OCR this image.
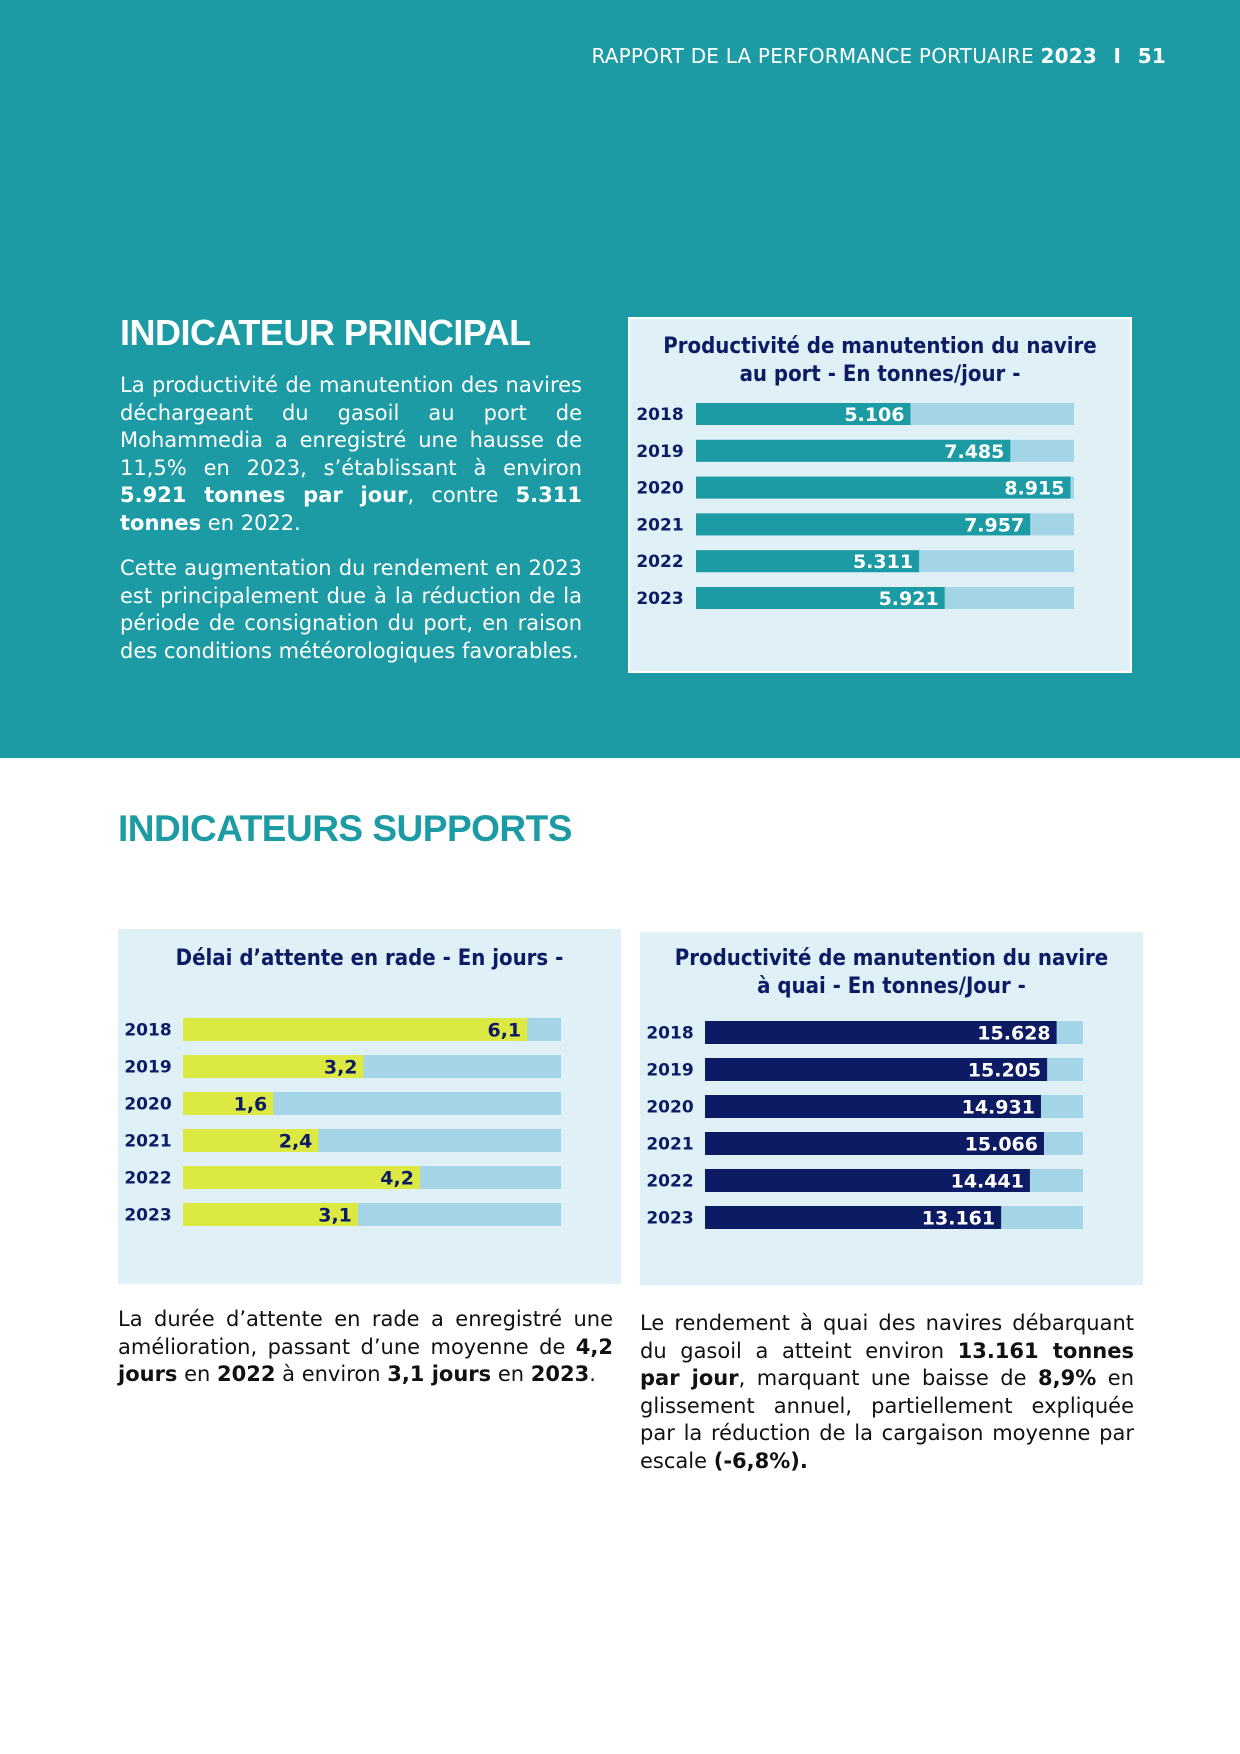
RAPPORT DE LA PERFORMANCE PORTUAIRE 2023 I 51
INDICATEUR PRINCIPAL

La productivité de manutention des navires déchargeant du gasoil au port de Mohammedia a enregistré une hausse de 11,5% en 2023, s’établissant à environ 5.921 tonnes par jour, contre 5.311 tonnes en 2022.

Cette augmentation du rendement en 2023 est principalement due à la réduction de la période de consignation du port, en raison des conditions météorologiques favorables.

Productivité de manutention du navire
au port - En tonnes/jour -
2018	5.106
2019	7.485
2020	8.915
2021	7.957
2022	5.311
2023	5.921
INDICATEURS SUPPORTS
Délai d’attente en rade - En jours -
2018	6,1
2019	3,2
2020	1,6
2021	2,4
2022	4,2
2023	3,1
Productivité de manutention du navire
à quai - En tonnes/Jour -
2018	15.628
2019	15.205
2020	14.931
2021	15.066
2022	14.441
2023	13.161

La durée d’attente en rade a enregistré une amélioration, passant d’une moyenne de 4,2 jours en 2022 à environ 3,1 jours en 2023.

Le rendement à quai des navires débarquant du gasoil a atteint environ 13.161 tonnes par jour, marquant une baisse de 8,9% en glissement annuel, partiellement expliquée par la réduction de la cargaison moyenne par escale (-6,8%).
